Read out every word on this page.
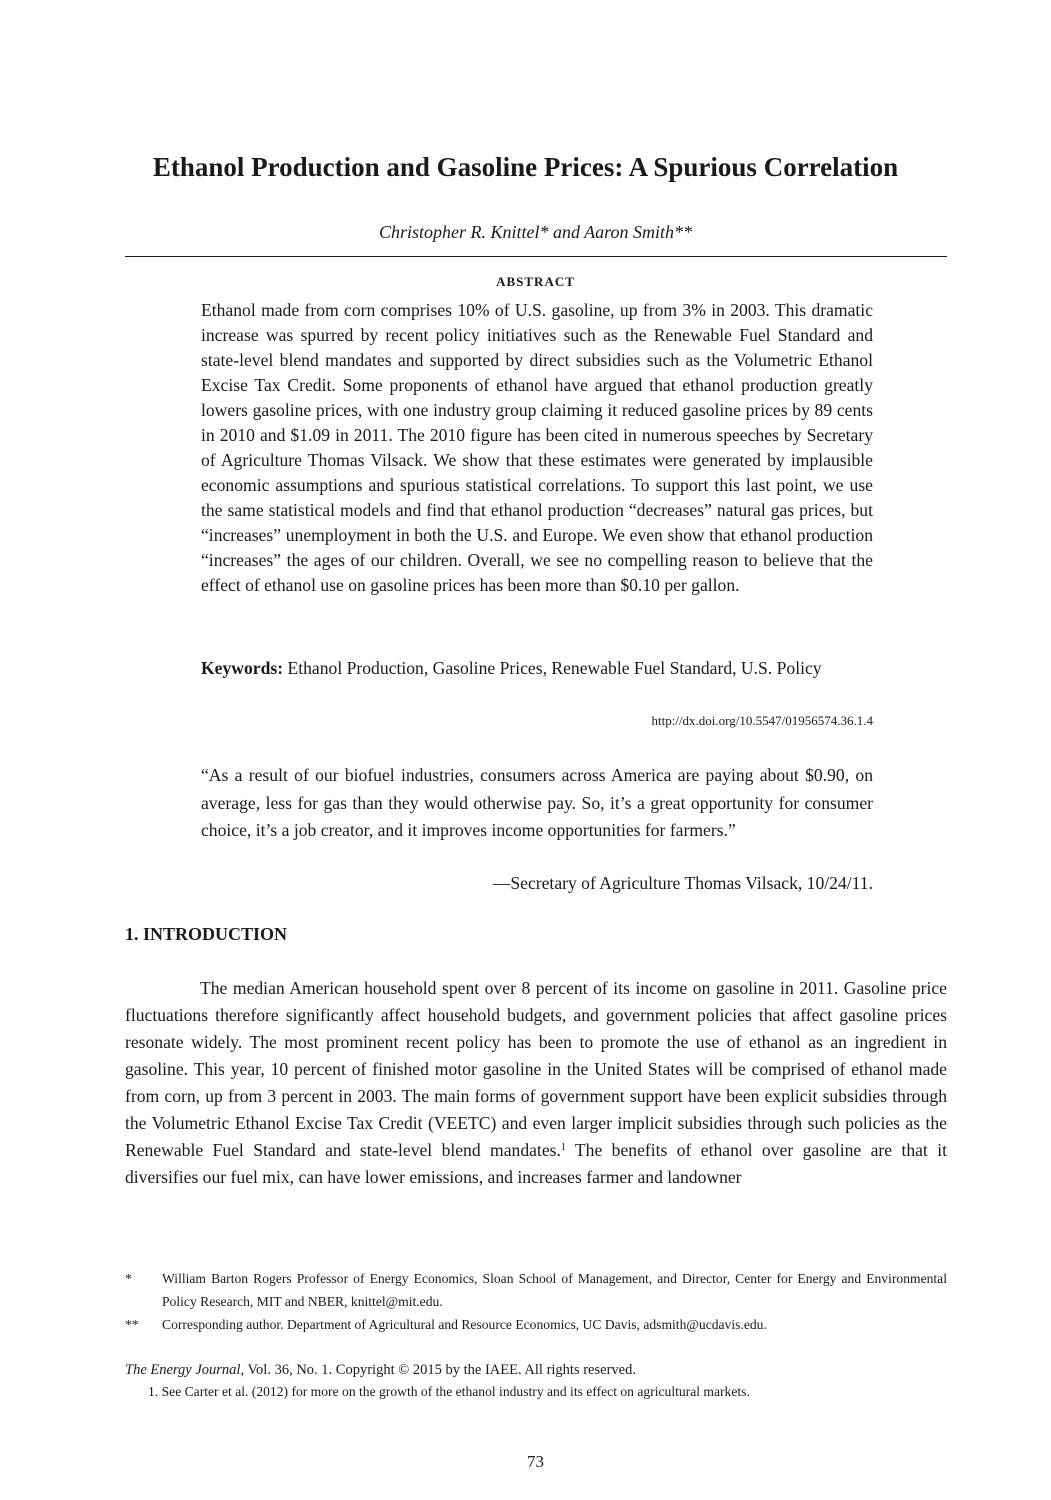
Ethanol Production and Gasoline Prices: A Spurious Correlation
Christopher R. Knittel* and Aaron Smith**
ABSTRACT

Ethanol made from corn comprises 10% of U.S. gasoline, up from 3% in 2003. This dramatic increase was spurred by recent policy initiatives such as the Renewable Fuel Standard and state-level blend mandates and supported by direct subsidies such as the Volumetric Ethanol Excise Tax Credit. Some proponents of ethanol have argued that ethanol production greatly lowers gasoline prices, with one industry group claiming it reduced gasoline prices by 89 cents in 2010 and $1.09 in 2011. The 2010 figure has been cited in numerous speeches by Secretary of Agriculture Thomas Vilsack. We show that these estimates were generated by implausible economic assumptions and spurious statistical correlations. To support this last point, we use the same statistical models and find that ethanol production “decreases” natural gas prices, but “increases” unemployment in both the U.S. and Europe. We even show that ethanol production “increases” the ages of our children. Overall, we see no compelling reason to believe that the effect of ethanol use on gasoline prices has been more than $0.10 per gallon.

Keywords: Ethanol Production, Gasoline Prices, Renewable Fuel Standard, U.S. Policy

http://dx.doi.org/10.5547/01956574.36.1.4

“As a result of our biofuel industries, consumers across America are paying about $0.90, on average, less for gas than they would otherwise pay. So, it’s a great opportunity for consumer choice, it’s a job creator, and it improves income opportunities for farmers.”

—Secretary of Agriculture Thomas Vilsack, 10/24/11.
1. INTRODUCTION

The median American household spent over 8 percent of its income on gasoline in 2011. Gasoline price fluctuations therefore significantly affect household budgets, and government policies that affect gasoline prices resonate widely. The most prominent recent policy has been to promote the use of ethanol as an ingredient in gasoline. This year, 10 percent of finished motor gasoline in the United States will be comprised of ethanol made from corn, up from 3 percent in 2003. The main forms of government support have been explicit subsidies through the Volumetric Ethanol Excise Tax Credit (VEETC) and even larger implicit subsidies through such policies as the Renewable Fuel Standard and state-level blend mandates.$^1$ The benefits of ethanol over gasoline are that it diversifies our fuel mix, can have lower emissions, and increases farmer and landowner

*	William Barton Rogers Professor of Energy Economics, Sloan School of Management, and Director, Center for Energy and Environmental Policy Research, MIT and NBER, knittel@mit.edu.
**	Corresponding author. Department of Agricultural and Resource Economics, UC Davis, adsmith@ucdavis.edu.
The Energy Journal, Vol. 36, No. 1. Copyright © 2015 by the IAEE. All rights reserved.
1. See Carter et al. (2012) for more on the growth of the ethanol industry and its effect on agricultural markets.
73
